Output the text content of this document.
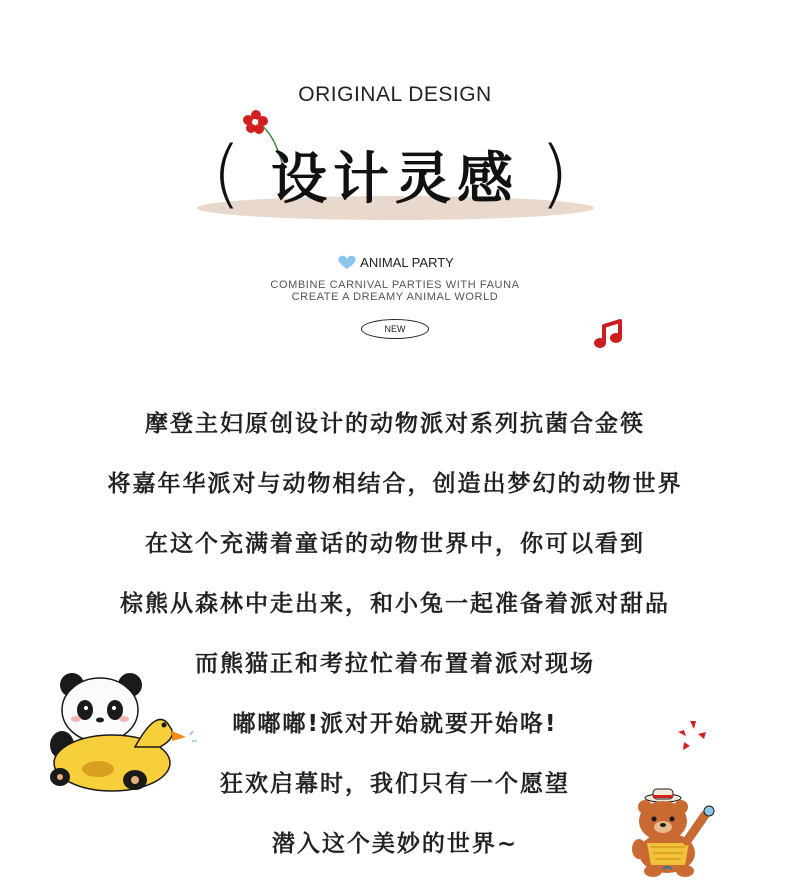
ORIGINAL DESIGN
(	)
设计灵感
ANIMAL PARTY
COMBINE CARNIVAL PARTIES WITH FAUNA
CREATE A DREAMY ANIMAL WORLD
NEW
摩登主妇原创设计的动物派对系列抗菌合金筷
将嘉年华派对与动物相结合，创造出梦幻的动物世界
在这个充满着童话的动物世界中，你可以看到
棕熊从森林中走出来，和小兔一起准备着派对甜品
而熊猫正和考拉忙着布置着派对现场
嘟嘟嘟!派对开始就要开始咯!
狂欢启幕时，我们只有一个愿望
潜入这个美妙的世界~
